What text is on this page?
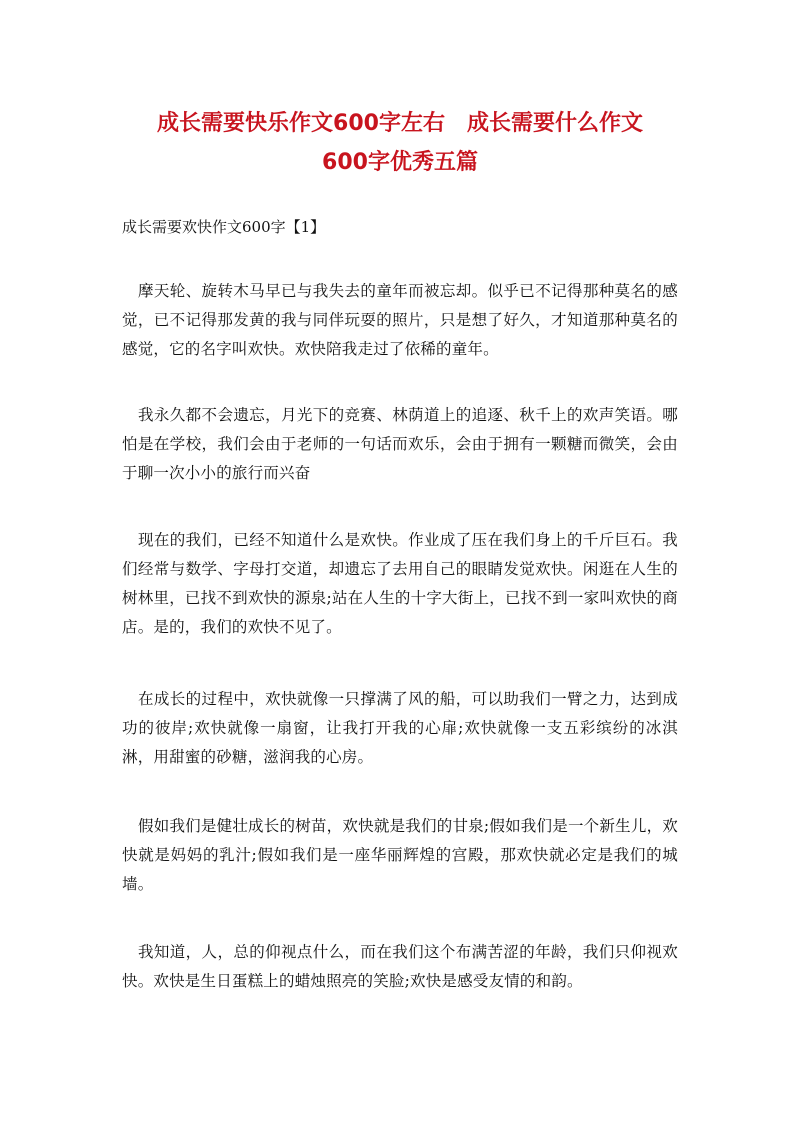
成长需要快乐作文600字左右　成长需要什么作文
600字优秀五篇

成长需要欢快作文600字【1】

摩天轮、旋转木马早已与我失去的童年而被忘却。似乎已不记得那种莫名的感觉，已不记得那发黄的我与同伴玩耍的照片，只是想了好久，才知道那种莫名的感觉，它的名字叫欢快。欢快陪我走过了依稀的童年。

我永久都不会遗忘，月光下的竞赛、林荫道上的追逐、秋千上的欢声笑语。哪怕是在学校，我们会由于老师的一句话而欢乐，会由于拥有一颗糖而微笑，会由于聊一次小小的旅行而兴奋

现在的我们，已经不知道什么是欢快。作业成了压在我们身上的千斤巨石。我们经常与数学、字母打交道，却遗忘了去用自己的眼睛发觉欢快。闲逛在人生的树林里，已找不到欢快的源泉;站在人生的十字大街上，已找不到一家叫欢快的商店。是的，我们的欢快不见了。

在成长的过程中，欢快就像一只撑满了风的船，可以助我们一臂之力，达到成功的彼岸;欢快就像一扇窗，让我打开我的心扉;欢快就像一支五彩缤纷的冰淇淋，用甜蜜的砂糖，滋润我的心房。

假如我们是健壮成长的树苗，欢快就是我们的甘泉;假如我们是一个新生儿，欢快就是妈妈的乳汁;假如我们是一座华丽辉煌的宫殿，那欢快就必定是我们的城墙。

我知道，人，总的仰视点什么，而在我们这个布满苦涩的年龄，我们只仰视欢快。欢快是生日蛋糕上的蜡烛照亮的笑脸;欢快是感受友情的和韵。
